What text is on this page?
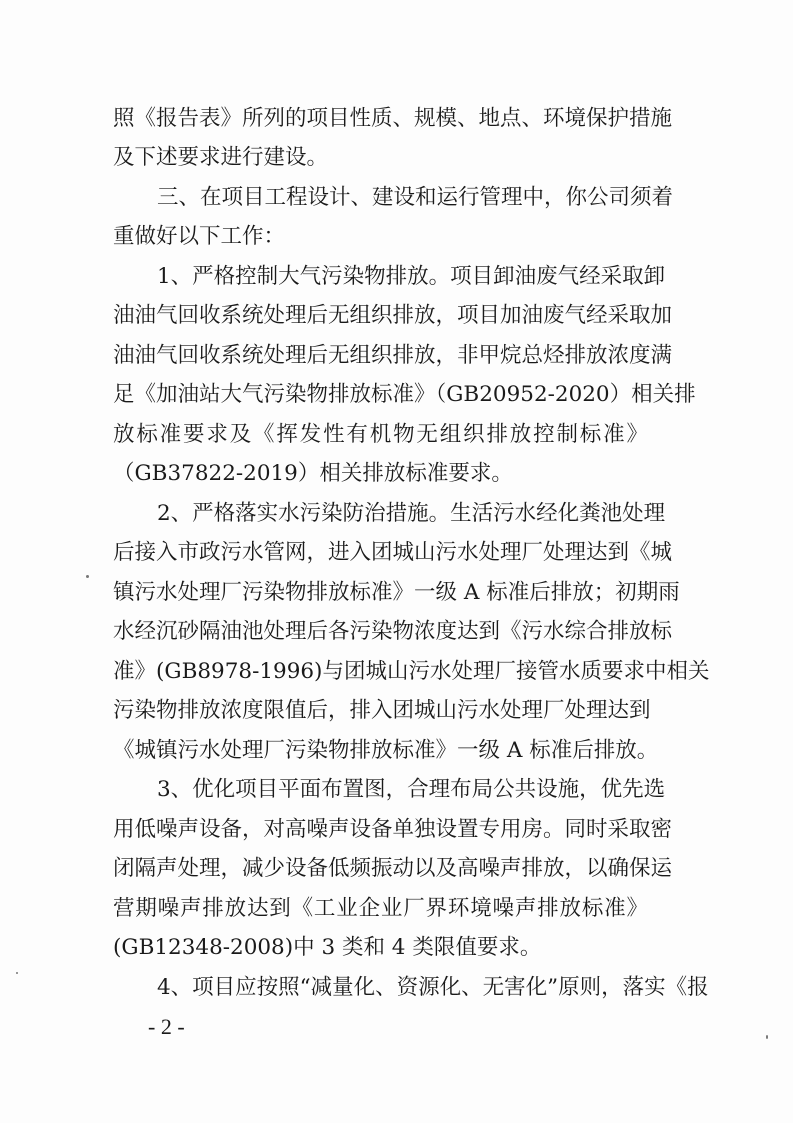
照《报告表》所列的项目性质、规模、地点、环境保护措施
及下述要求进行建设。
三、在项目工程设计、建设和运行管理中，你公司须着
重做好以下工作：
1、严格控制大气污染物排放。项目卸油废气经采取卸
油油气回收系统处理后无组织排放，项目加油废气经采取加
油油气回收系统处理后无组织排放，非甲烷总烃排放浓度满
足《加油站大气污染物排放标准》（GB20952-2020）相关排
放标准要求及《挥发性有机物无组织排放控制标准》
（GB37822-2019）相关排放标准要求。
2、严格落实水污染防治措施。生活污水经化粪池处理
后接入市政污水管网，进入团城山污水处理厂处理达到《城
镇污水处理厂污染物排放标准》一级 A 标准后排放；初期雨
水经沉砂隔油池处理后各污染物浓度达到《污水综合排放标
准》(GB8978-1996)与团城山污水处理厂接管水质要求中相关
污染物排放浓度限值后，排入团城山污水处理厂处理达到
《城镇污水处理厂污染物排放标准》一级 A 标准后排放。
3、优化项目平面布置图，合理布局公共设施，优先选
用低噪声设备，对高噪声设备单独设置专用房。同时采取密
闭隔声处理，减少设备低频振动以及高噪声排放，以确保运
营期噪声排放达到《工业企业厂界环境噪声排放标准》
(GB12348-2008)中 3 类和 4 类限值要求。
4、项目应按照“减量化、资源化、无害化”原则，落实《报
- 2 -
